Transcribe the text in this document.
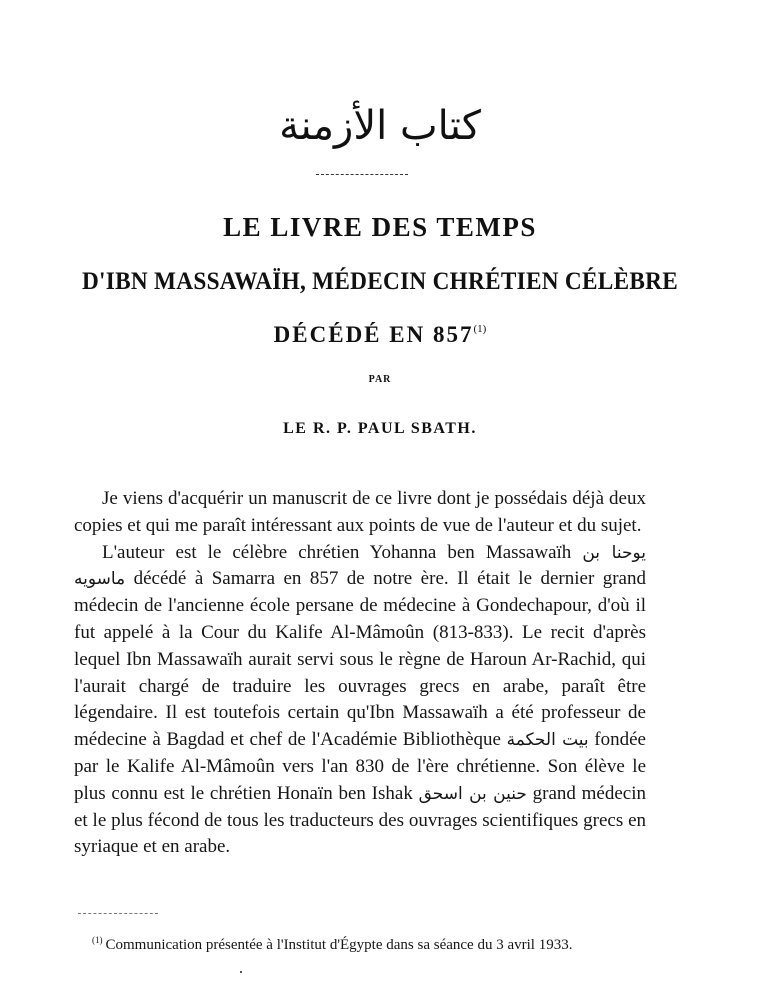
كتاب الأزمنة
LE LIVRE DES TEMPS
D'IBN MASSAWAÏH, MÉDECIN CHRÉTIEN CÉLÈBRE
DÉCÉDÉ EN 857$^{(1)}$
PAR
LE R. P. PAUL SBATH.

Je viens d'acquérir un manuscrit de ce livre dont je possédais déjà deux copies et qui me paraît intéressant aux points de vue de l'auteur et du sujet.

L'auteur est le célèbre chrétien Yohanna ben Massawaïh يوحنا بن ماسويه décédé à Samarra en 857 de notre ère. Il était le dernier grand médecin de l'ancienne école persane de médecine à Gondechapour, d'où il fut appelé à la Cour du Kalife Al-Mâmoûn (813-833). Le recit d'après lequel Ibn Massawaïh aurait servi sous le règne de Haroun Ar-Rachid, qui l'aurait chargé de traduire les ouvrages grecs en arabe, paraît être légendaire. Il est toutefois certain qu'Ibn Massawaïh a été professeur de médecine à Bagdad et chef de l'Académie Bibliothèque بيت الحكمة fondée par le Kalife Al-Mâmoûn vers l'an 830 de l'ère chrétienne. Son élève le plus connu est le chrétien Honaïn ben Ishak حنين بن اسحق grand médecin et le plus fécond de tous les traducteurs des ouvrages scientifiques grecs en syriaque et en arabe.

$^{(1)}$ Communication présentée à l'Institut d'Égypte dans sa séance du 3 avril 1933.
